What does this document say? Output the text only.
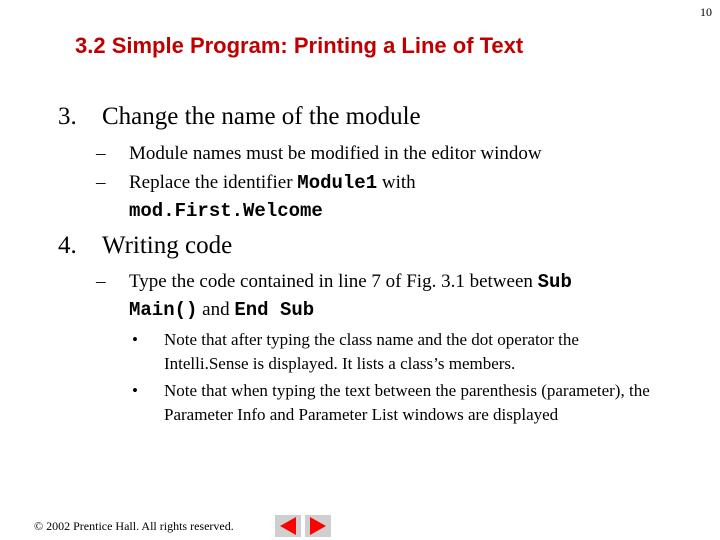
10
3.2 Simple Program: Printing a Line of Text
3. Change the name of the module
– Module names must be modified in the editor window
– Replace the identifier Module1 with
mod.First.Welcome
4. Writing code
– Type the code contained in line 7 of Fig. 3.1 between Sub
Main() and End Sub
• Note that after typing the class name and the dot operator the Intelli.Sense is displayed. It lists a class’s members.
• Note that when typing the text between the parenthesis (parameter), the Parameter Info and Parameter List windows are displayed
© 2002 Prentice Hall. All rights reserved.
